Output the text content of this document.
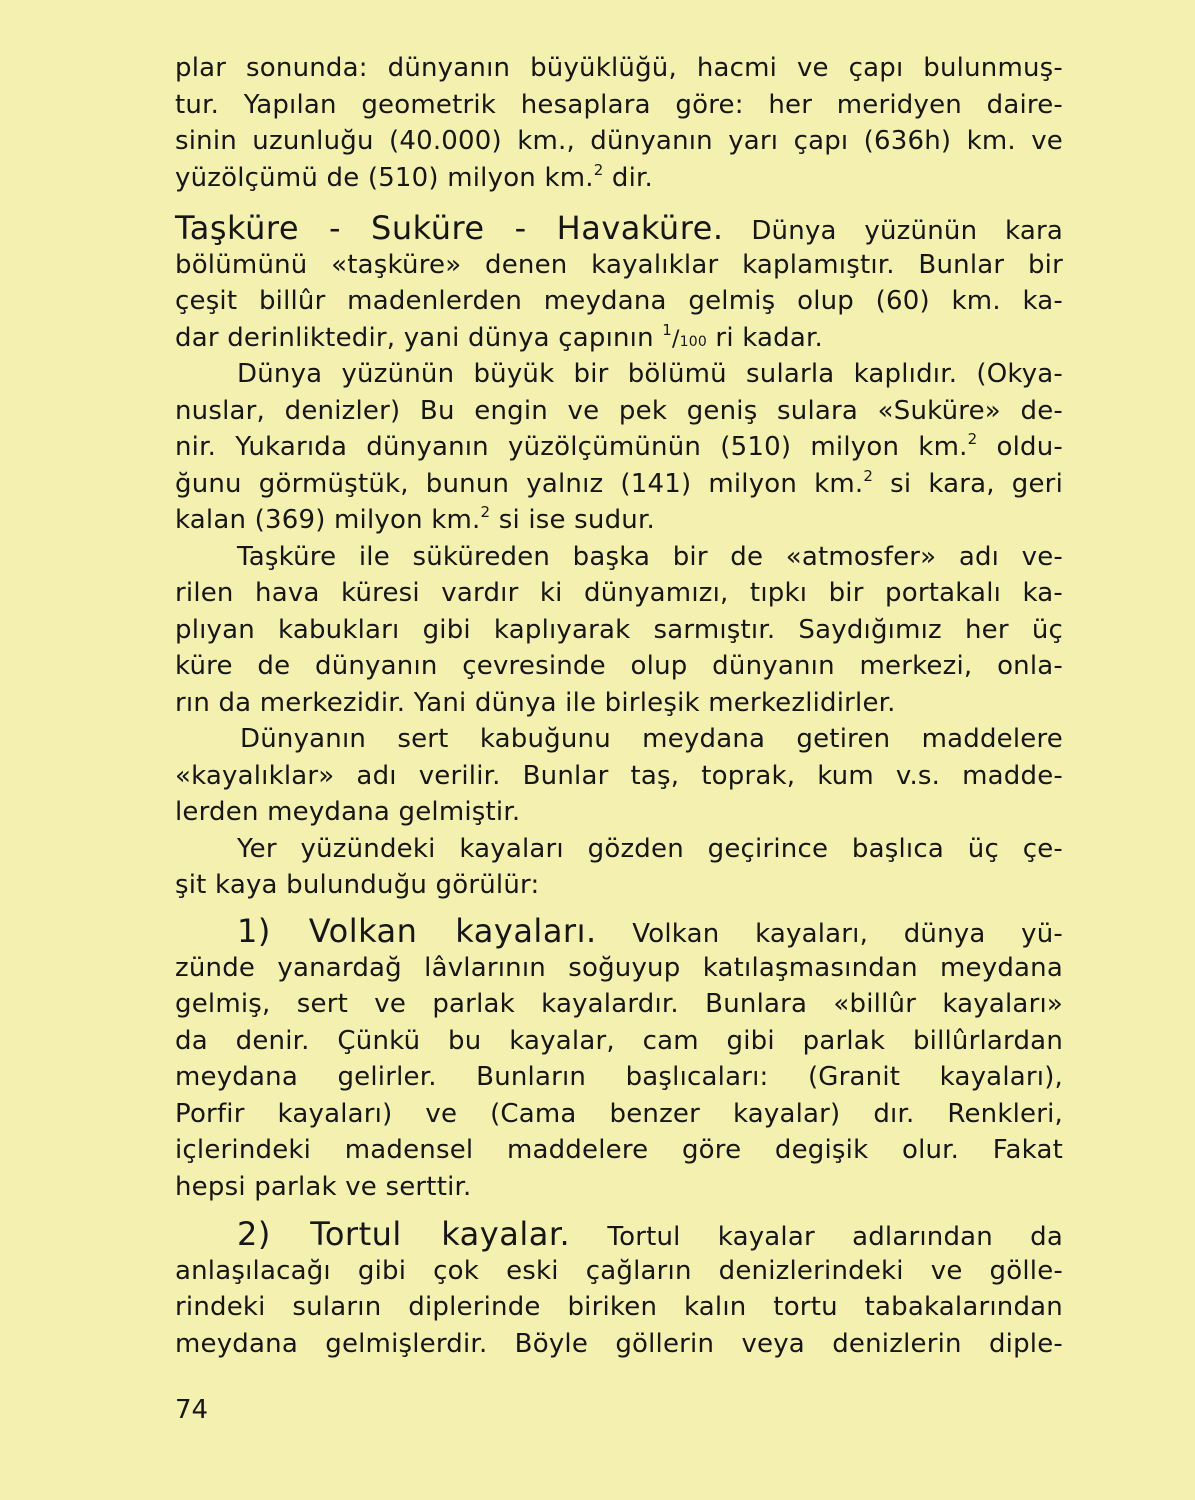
plar sonunda: dünyanın büyüklüğü, hacmi ve çapı bulunmuş-
tur. Yapılan geometrik hesaplara göre: her meridyen daire-
sinin uzunluğu (40.000) km., dünyanın yarı çapı (636h) km. ve
yüzölçümü de (510) milyon km.$^2$ dir.
Taşküre - Suküre - Havaküre. Dünya yüzünün kara
bölümünü «taşküre» denen kayalıklar kaplamıştır. Bunlar bir
çeşit billûr madenlerden meydana gelmiş olup (60) km. ka-
dar derinliktedir, yani dünya çapının $^1$/100 ri kadar.
Dünya yüzünün büyük bir bölümü sularla kaplıdır. (Okya-
nuslar, denizler) Bu engin ve pek geniş sulara «Suküre» de-
nir. Yukarıda dünyanın yüzölçümünün (510) milyon km.$^2$ oldu-
ğunu görmüştük, bunun yalnız (141) milyon km.$^2$ si kara, geri
kalan (369) milyon km.$^2$ si ise sudur.
Taşküre ile süküreden başka bir de «atmosfer» adı ve-
rilen hava küresi vardır ki dünyamızı, tıpkı bir portakalı ka-
plıyan kabukları gibi kaplıyarak sarmıştır. Saydığımız her üç
küre de dünyanın çevresinde olup dünyanın merkezi, onla-
rın da merkezidir. Yani dünya ile birleşik merkezlidirler.
Dünyanın sert kabuğunu meydana getiren maddelere
«kayalıklar» adı verilir. Bunlar taş, toprak, kum v.s. madde-
lerden meydana gelmiştir.
Yer yüzündeki kayaları gözden geçirince başlıca üç çe-
şit kaya bulunduğu görülür:
1) Volkan kayaları. Volkan kayaları, dünya yü-
zünde yanardağ lâvlarının soğuyup katılaşmasından meydana
gelmiş, sert ve parlak kayalardır. Bunlara «billûr kayaları»
da denir. Çünkü bu kayalar, cam gibi parlak billûrlardan
meydana gelirler. Bunların başlıcaları: (Granit kayaları),
Porfir kayaları) ve (Cama benzer kayalar) dır. Renkleri,
içlerindeki madensel maddelere göre degişik olur. Fakat
hepsi parlak ve serttir.
2) Tortul kayalar. Tortul kayalar adlarından da
anlaşılacağı gibi çok eski çağların denizlerindeki ve gölle-
rindeki suların diplerinde biriken kalın tortu tabakalarından
meydana gelmişlerdir. Böyle göllerin veya denizlerin diple-
74
